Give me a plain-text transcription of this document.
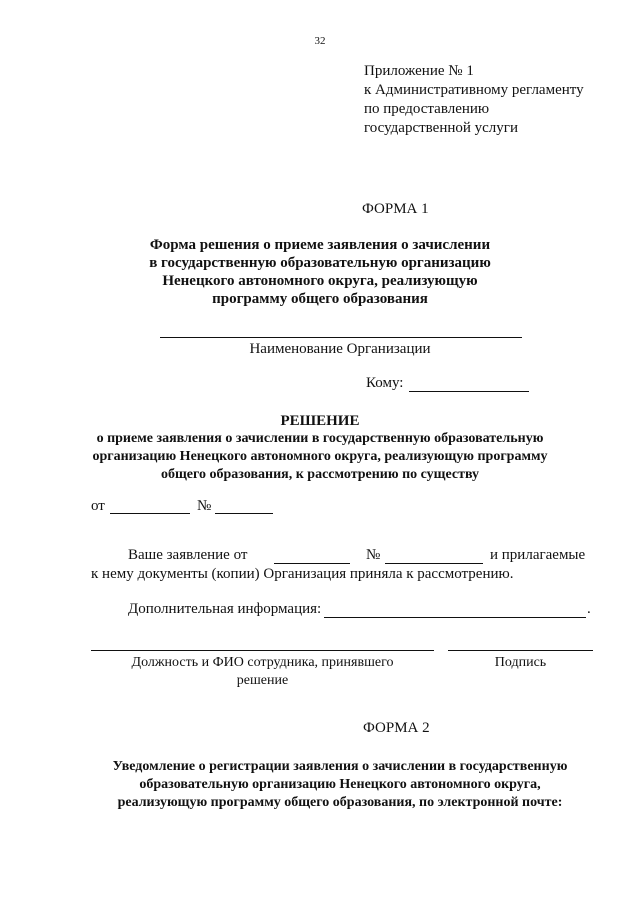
32
Приложение № 1
к Административному регламенту
по предоставлению
государственной услуги
ФОРМА 1
Форма решения о приеме заявления о зачислении
в государственную образовательную организацию
Ненецкого автономного округа, реализующую
программу общего образования
Наименование Организации
Кому:
РЕШЕНИЕ
о приеме заявления о зачислении в государственную образовательную
организацию Ненецкого автономного округа, реализующую программу
общего образования, к рассмотрению по существу
от	№
Ваше заявление от	№	и прилагаемые
к нему документы (копии) Организация приняла к рассмотрению.
Дополнительная информация:	.
Должность и ФИО сотрудника, принявшего
решение
Подпись
ФОРМА 2
Уведомление о регистрации заявления о зачислении в государственную
образовательную организацию Ненецкого автономного округа,
реализующую программу общего образования, по электронной почте:
